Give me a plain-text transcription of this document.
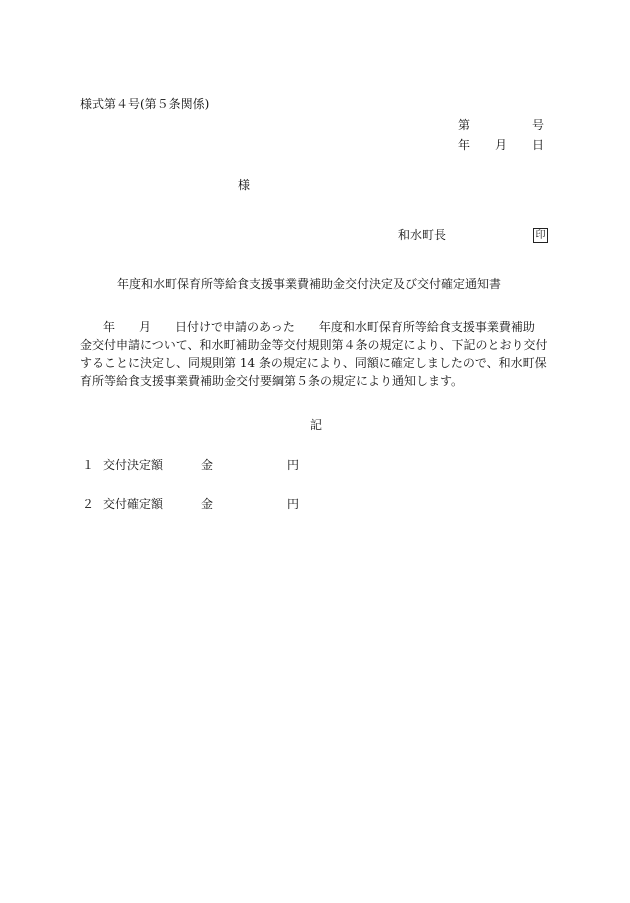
様式第４号(第５条関係)
第	号
年 月 日
様
和水町長	印
年度和水町保育所等給食支援事業費補助金交付決定及び交付確定通知書
年　　月　　日付けで申請のあった　　年度和水町保育所等給食支援事業費補助
金交付申請について、和水町補助金等交付規則第４条の規定により、下記のとおり交付
することに決定し、同規則第 14 条の規定により、同額に確定しましたので、和水町保
育所等給食支援事業費補助金交付要綱第５条の規定により通知します。
記
１ 交付決定額	金	円
２ 交付確定額	金	円
